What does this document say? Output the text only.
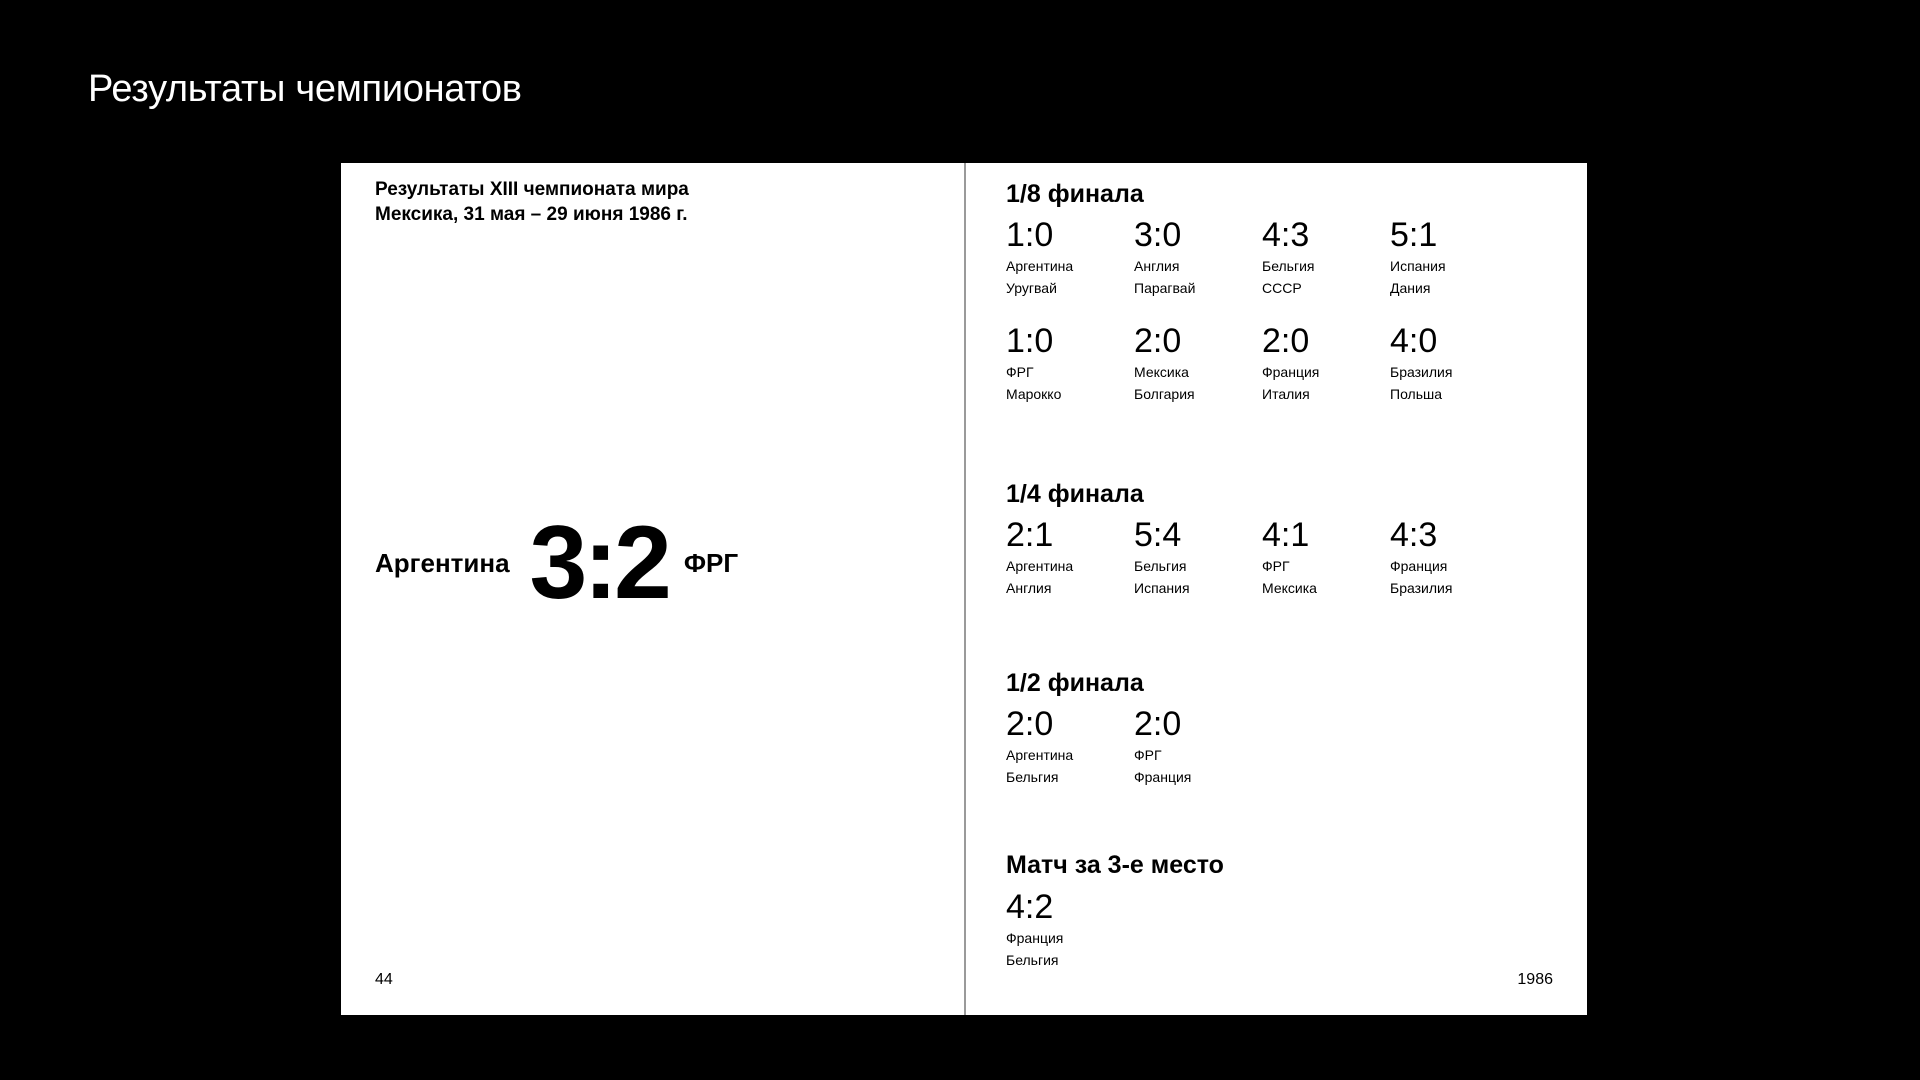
Результаты чемпионатов
Результаты XIII чемпионата мира
Мексика, 31 мая – 29 июня 1986 г.
Аргентина 3:2 ФРГ
44
1/8 финала
1:0
Аргентина
Уругвай
3:0
Англия
Парагвай
4:3
Бельгия
СССР
5:1
Испания
Дания
1:0
ФРГ
Марокко
2:0
Мексика
Болгария
2:0
Франция
Италия
4:0
Бразилия
Польша
1/4 финала
2:1
Аргентина
Англия
5:4
Бельгия
Испания
4:1
ФРГ
Мексика
4:3
Франция
Бразилия
1/2 финала
2:0
Аргентина
Бельгия
2:0
ФРГ
Франция
Матч за 3-е место
4:2
Франция
Бельгия
1986
